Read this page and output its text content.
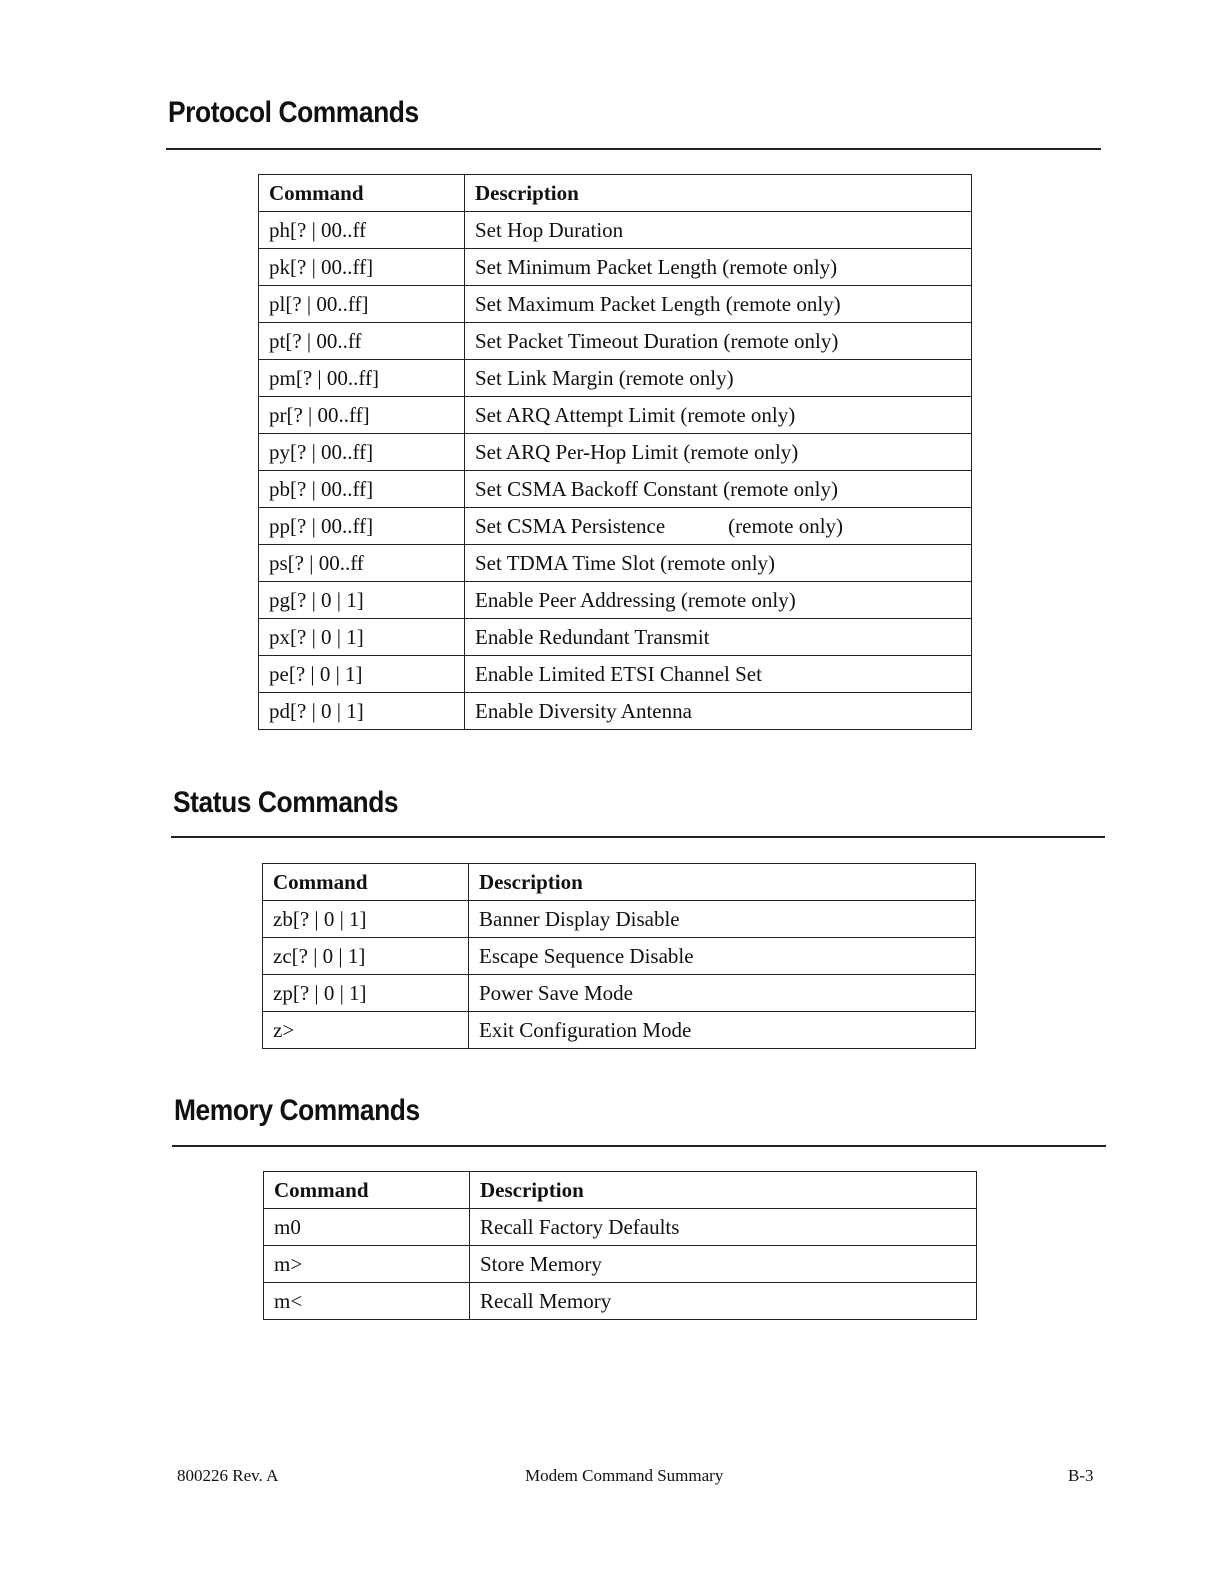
Protocol Commands
Command	Description
ph[? | 00..ff	Set Hop Duration
pk[? | 00..ff]	Set Minimum Packet Length (remote only)
pl[? | 00..ff]	Set Maximum Packet Length (remote only)
pt[? | 00..ff	Set Packet Timeout Duration (remote only)
pm[? | 00..ff]	Set Link Margin (remote only)
pr[? | 00..ff]	Set ARQ Attempt Limit (remote only)
py[? | 00..ff]	Set ARQ Per-Hop Limit (remote only)
pb[? | 00..ff]	Set CSMA Backoff Constant (remote only)
pp[? | 00..ff]	Set CSMA Persistence            (remote only)
ps[? | 00..ff	Set TDMA Time Slot (remote only)
pg[? | 0 | 1]	Enable Peer Addressing (remote only)
px[? | 0 | 1]	Enable Redundant Transmit
pe[? | 0 | 1]	Enable Limited ETSI Channel Set
pd[? | 0 | 1]	Enable Diversity Antenna
Status Commands
Command	Description
zb[? | 0 | 1]	Banner Display Disable
zc[? | 0 | 1]	Escape Sequence Disable
zp[? | 0 | 1]	Power Save Mode
z>	Exit Configuration Mode
Memory Commands
Command	Description
m0	Recall Factory Defaults
m>	Store Memory
m<	Recall Memory
800226 Rev. A	Modem Command Summary	B-3
